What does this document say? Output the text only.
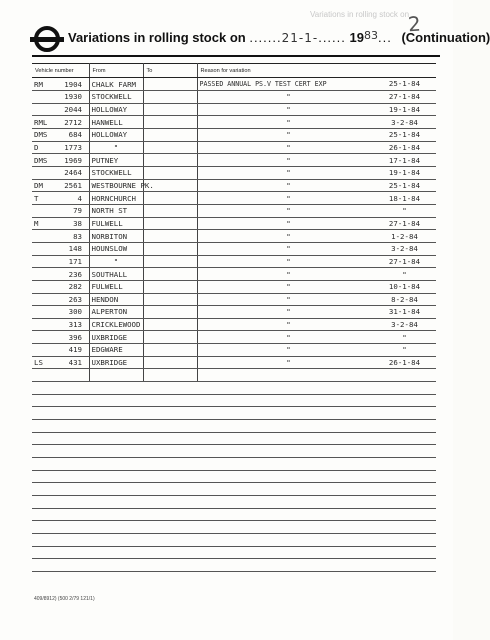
Variations in rolling stock on
2
Variations in rolling stock on .......21-1-...... $19^{83}$... (Continuation)
Vehicle number	From	To	Reason for variation
RM 1904	CHALK FARM		PASSED ANNUAL PS.V TEST CERT EXP 25-1-84
1930	STOCKWELL		" 27-1-84
2044	HOLLOWAY		" 19-1-84
RML 2712	HANWELL		" 3-2-84
DMS 684	HOLLOWAY		" 25-1-84
D 1773	"		" 26-1-84
DMS 1969	PUTNEY		" 17-1-84
2464	STOCKWELL		" 19-1-84
DM 2561	WESTBOURNE PK.		" 25-1-84
T 4	HORNCHURCH		" 18-1-84
79	NORTH ST		" "
M 38	FULWELL		" 27-1-84
83	NORBITON		" 1-2-84
148	HOUNSLOW		" 3-2-84
171	"		" 27-1-84
236	SOUTHALL		" "
282	FULWELL		" 10-1-84
263	HENDON		" 8-2-84
300	ALPERTON		" 31-1-84
313	CRICKLEWOOD		" 3-2-84
396	UXBRIDGE		" "
419	EDGWARE		" "
LS 431	UXBRIDGE		" 26-1-84

409/8912) (500 2/79 121/1)
